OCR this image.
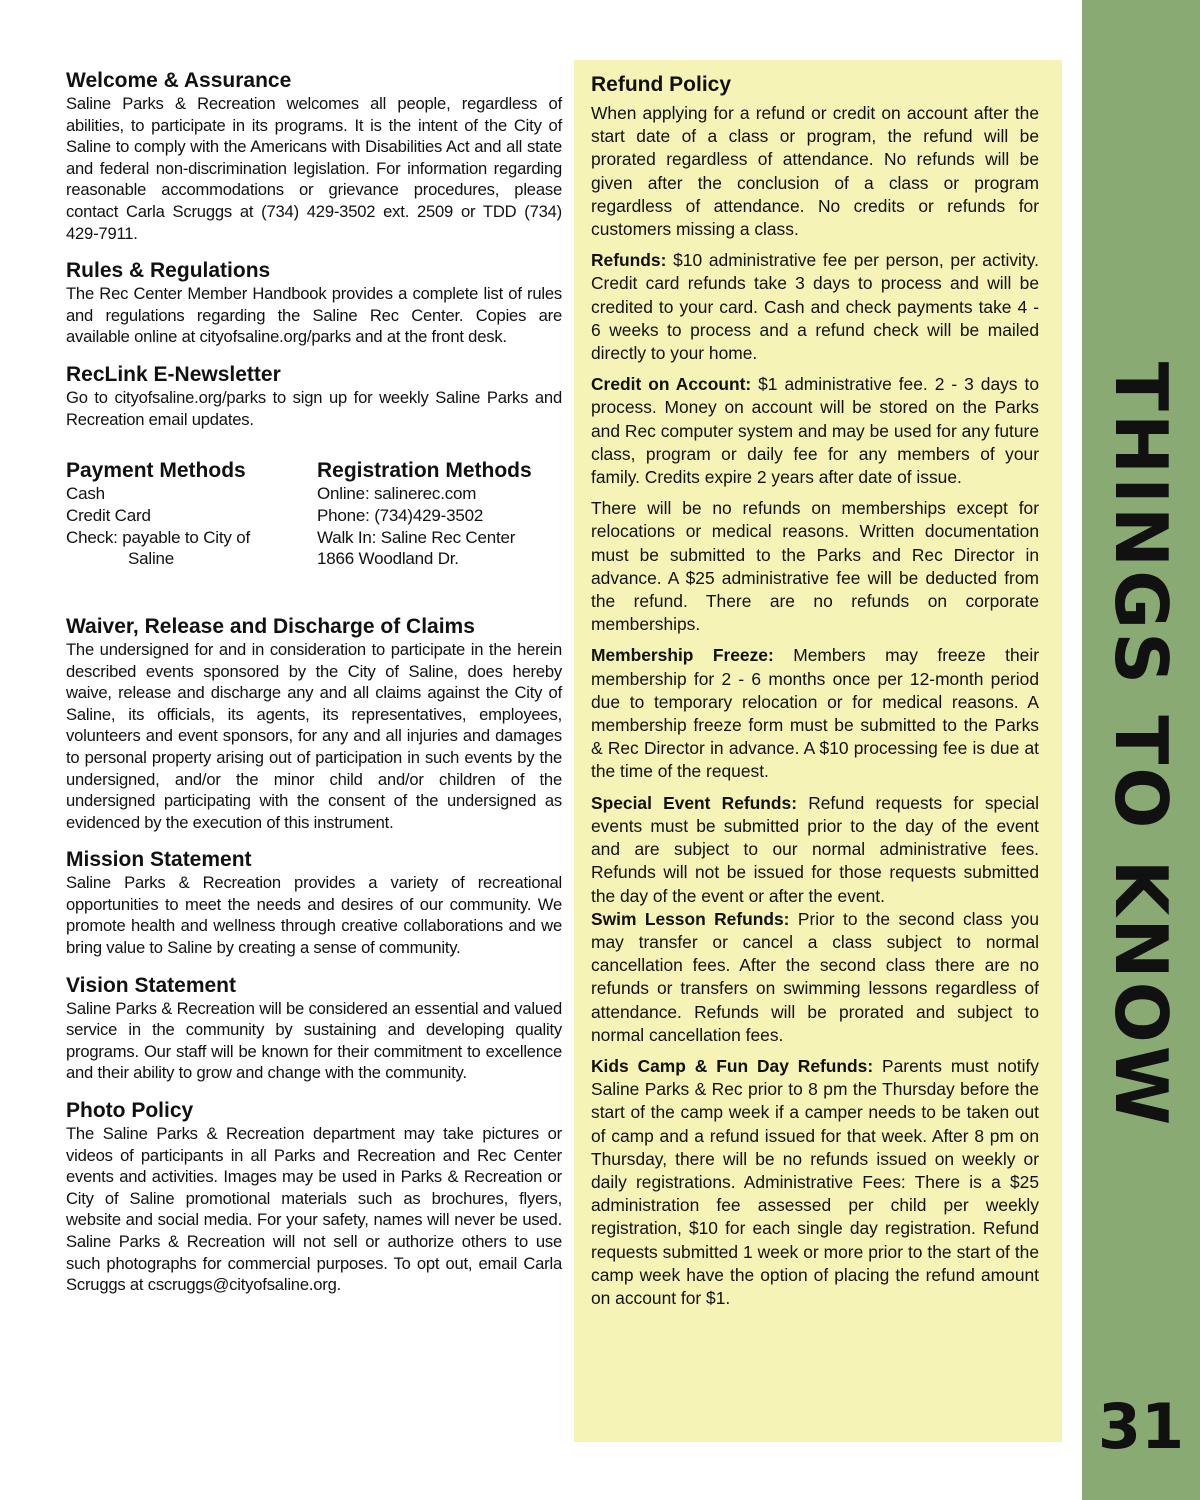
Welcome & Assurance

Saline Parks & Recreation welcomes all people, regardless of abilities, to participate in its programs. It is the intent of the City of Saline to comply with the Americans with Disabilities Act and all state and federal non-discrimination legislation. For information regarding reasonable accommodations or grievance procedures, please contact Carla Scruggs at (734) 429-3502 ext. 2509 or TDD (734) 429-7911.

Rules & Regulations

The Rec Center Member Handbook provides a complete list of rules and regulations regarding the Saline Rec Center. Copies are available online at cityofsaline.org/parks and at the front desk.

RecLink E-Newsletter

Go to cityofsaline.org/parks to sign up for weekly Saline Parks and Recreation email updates.

Payment Methods
Cash
Credit Card
Check: payable to City of
Saline
Registration Methods
Online: salinerec.com
Phone: (734)429-3502
Walk In: Saline Rec Center
1866 Woodland Dr.
Waiver, Release and Discharge of Claims

The undersigned for and in consideration to participate in the herein described events sponsored by the City of Saline, does hereby waive, release and discharge any and all claims against the City of Saline, its officials, its agents, its representatives, employees, volunteers and event sponsors, for any and all injuries and damages to personal property arising out of participation in such events by the undersigned, and/or the minor child and/or children of the undersigned participating with the consent of the undersigned as evidenced by the execution of this instrument.

Mission Statement

Saline Parks & Recreation provides a variety of recreational opportunities to meet the needs and desires of our community. We promote health and wellness through creative collaborations and we bring value to Saline by creating a sense of community.

Vision Statement

Saline Parks & Recreation will be considered an essential and valued service in the community by sustaining and developing quality programs. Our staff will be known for their commitment to excellence and their ability to grow and change with the community.

Photo Policy

The Saline Parks & Recreation department may take pictures or videos of participants in all Parks and Recreation and Rec Center events and activities. Images may be used in Parks & Recreation or City of Saline promotional materials such as brochures, flyers, website and social media. For your safety, names will never be used. Saline Parks & Recreation will not sell or authorize others to use such photographs for commercial purposes. To opt out, email Carla Scruggs at cscruggs@cityofsaline.org.

Refund Policy

When applying for a refund or credit on account after the start date of a class or program, the refund will be prorated regardless of attendance. No refunds will be given after the conclusion of a class or program regardless of attendance. No credits or refunds for customers missing a class.

Refunds: $10 administrative fee per person, per activity. Credit card refunds take 3 days to process and will be credited to your card. Cash and check payments take 4 - 6 weeks to process and a refund check will be mailed directly to your home.

Credit on Account: $1 administrative fee. 2 - 3 days to process. Money on account will be stored on the Parks and Rec computer system and may be used for any future class, program or daily fee for any members of your family. Credits expire 2 years after date of issue.

There will be no refunds on memberships except for relocations or medical reasons. Written documentation must be submitted to the Parks and Rec Director in advance. A $25 administrative fee will be deducted from the refund. There are no refunds on corporate memberships.

Membership Freeze: Members may freeze their membership for 2 - 6 months once per 12-month period due to temporary relocation or for medical reasons. A membership freeze form must be submitted to the Parks & Rec Director in advance. A $10 processing fee is due at the time of the request.

Special Event Refunds: Refund requests for special events must be submitted prior to the day of the event and are subject to our normal administrative fees. Refunds will not be issued for those requests submitted the day of the event or after the event.

Swim Lesson Refunds: Prior to the second class you may transfer or cancel a class subject to normal cancellation fees. After the second class there are no refunds or transfers on swimming lessons regardless of attendance. Refunds will be prorated and subject to normal cancellation fees.

Kids Camp & Fun Day Refunds: Parents must notify Saline Parks & Rec prior to 8 pm the Thursday before the start of the camp week if a camper needs to be taken out of camp and a refund issued for that week. After 8 pm on Thursday, there will be no refunds issued on weekly or daily registrations. Administrative Fees: There is a $25 administration fee assessed per child per weekly registration, $10 for each single day registration. Refund requests submitted 1 week or more prior to the start of the camp week have the option of placing the refund amount on account for $1.

THINGS TO KNOW
31
